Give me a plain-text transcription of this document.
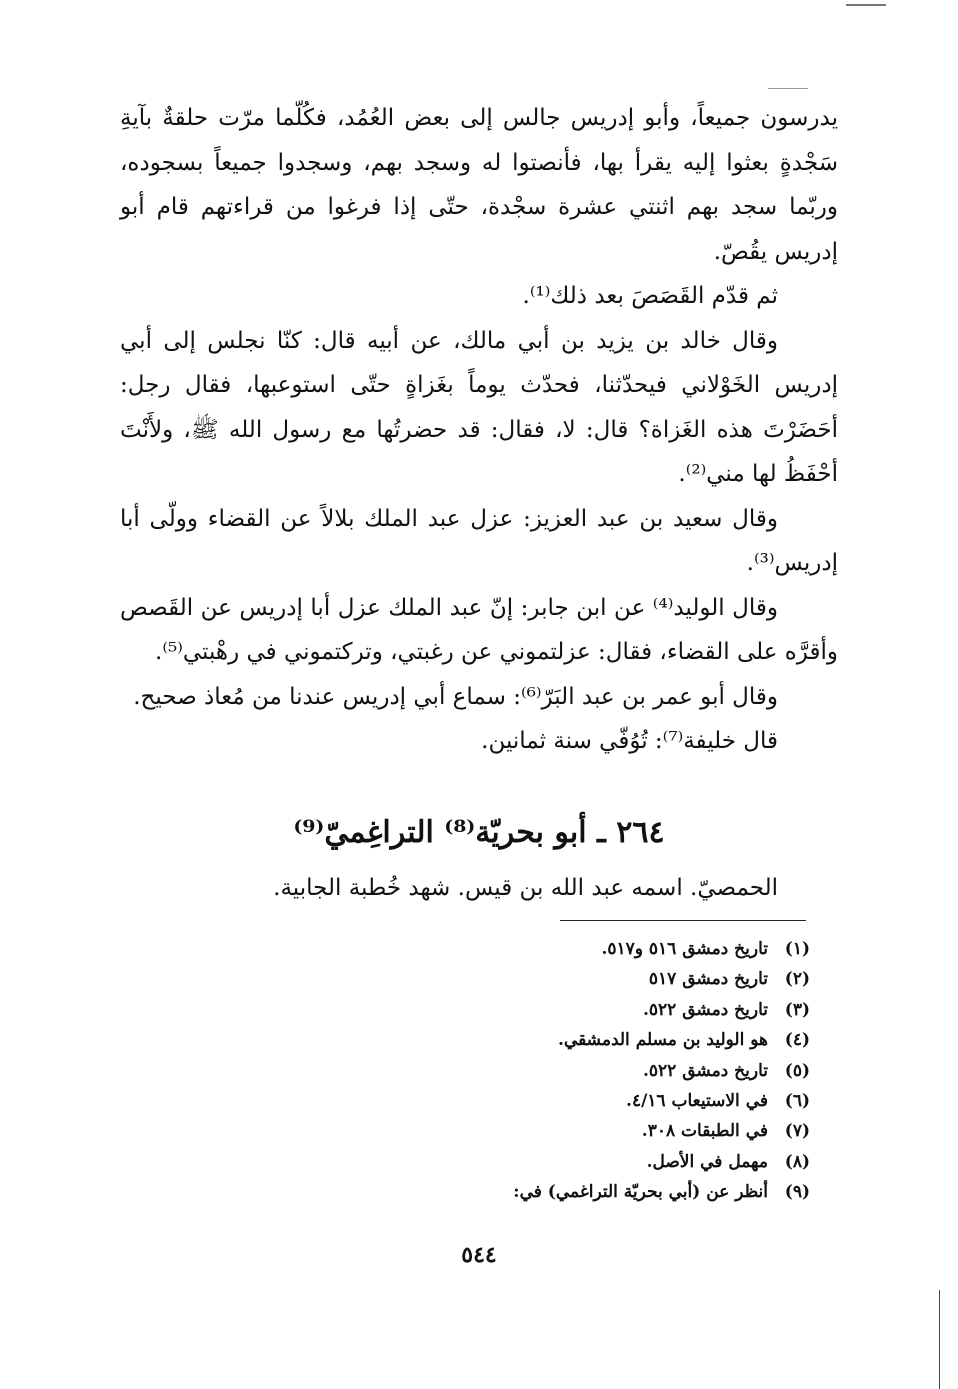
يدرسون جميعاً، وأبو إدريس جالس إلى بعض العُمُد، فكُلّما مرّت حلقةٌ بآيةِ سَجْدةٍ بعثوا إليه يقرأ بها، فأنصتوا له وسجد بهم، وسجدوا جميعاً بسجوده، وربّما سجد بهم اثنتي عشرة سجْدة، حتّى إذا فرغوا من قراءتهم قام أبو إدريس يقُصّ.

ثم قدّم القَصَصَ بعد ذلك⁽¹⁾.

وقال خالد بن يزيد بن أبي مالك، عن أبيه قال: كنّا نجلس إلى أبي إدريس الخَوْلاني فيحدّثنا، فحدّث يوماً بغَزاةٍ حتّى استوعبها، فقال رجل: أحَضَرْتَ هذه الغَزاة؟ قال: لا، فقال: قد حضرتُها مع رسول الله ﷺ، ولأَنْتَ أحْفَظُ لها مني⁽²⁾.

وقال سعيد بن عبد العزيز: عزل عبد الملك بلالاً عن القضاء وولّى أبا إدريس⁽³⁾.

وقال الوليد⁽⁴⁾ عن ابن جابر: إنّ عبد الملك عزل أبا إدريس عن القَصص وأقرَّه على القضاء، فقال: عزلتموني عن رغبتي، وتركتموني في رهْبتي⁽⁵⁾.

وقال أبو عمر بن عبد البَرّ⁽⁶⁾: سماع أبي إدريس عندنا من مُعاذ صحيح.

قال خليفة⁽⁷⁾: تُوُفّي سنة ثمانين.

٢٦٤ ـ أبو بحريّة⁽⁸⁾ التراغِميّ⁽⁹⁾
الحمصيّ. اسمه عبد الله بن قيس. شهد خُطبة الجابية.
(١)
تاريخ دمشق ٥١٦ و٥١٧.
(٢)
تاريخ دمشق ٥١٧
(٣)
تاريخ دمشق ٥٢٢.
(٤)
هو الوليد بن مسلم الدمشقي.
(٥)
تاريخ دمشق ٥٢٢.
(٦)
في الاستيعاب ٤/١٦.
(٧)
في الطبقات ٣٠٨.
(٨)
مهمل في الأصل.
(٩)
أنظر عن (أبي بحريّة التراغمي) في:
٥٤٤
